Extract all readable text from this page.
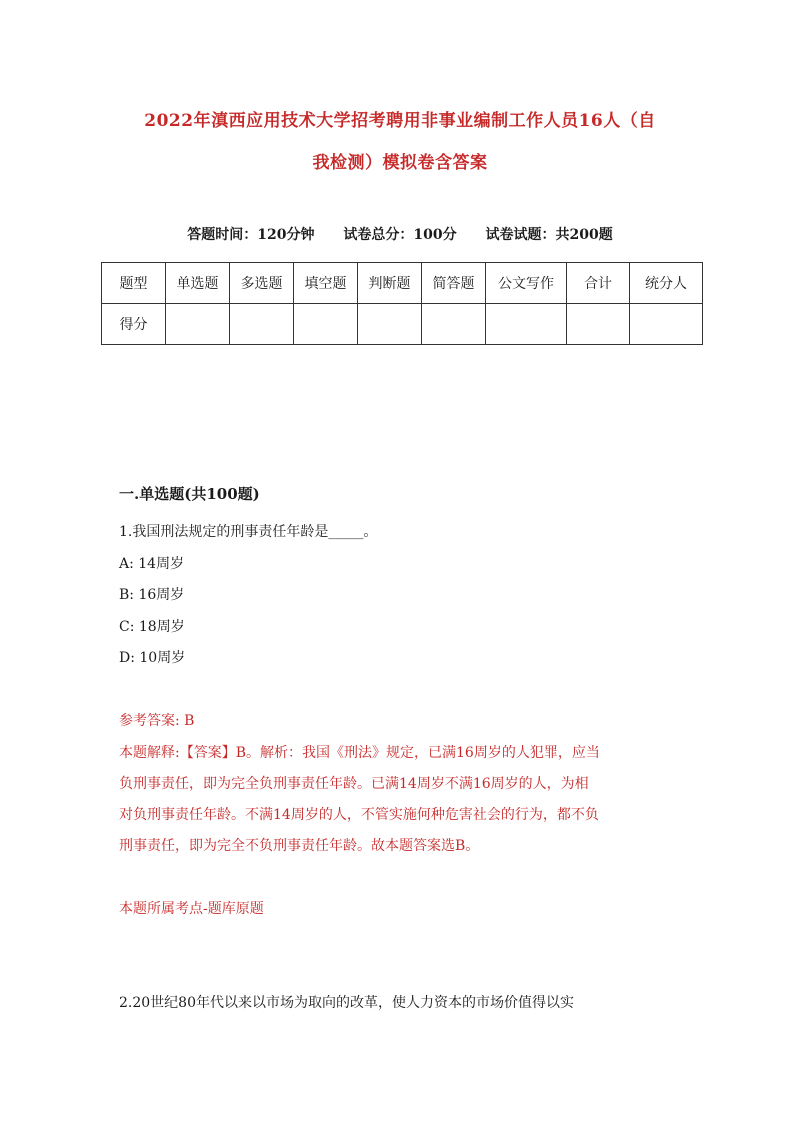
2022年滇西应用技术大学招考聘用非事业编制工作人员16人（自
我检测）模拟卷含答案
答题时间：120分钟 试卷总分：100分 试卷试题：共200题
题型	单选题	多选题	填空题	判断题	简答题	公文写作	合计	统分人
得分								
一.单选题(共100题)
1.我国刑法规定的刑事责任年龄是_____。
A: 14周岁
B: 16周岁
C: 18周岁
D: 10周岁
参考答案: B
本题解释:【答案】B。解析：我国《刑法》规定，已满16周岁的人犯罪，应当
负刑事责任，即为完全负刑事责任年龄。已满14周岁不满16周岁的人，为相
对负刑事责任年龄。不满14周岁的人，不管实施何种危害社会的行为，都不负
刑事责任，即为完全不负刑事责任年龄。故本题答案选B。
本题所属考点-题库原题
2.20世纪80年代以来以市场为取向的改革，使人力资本的市场价值得以实
